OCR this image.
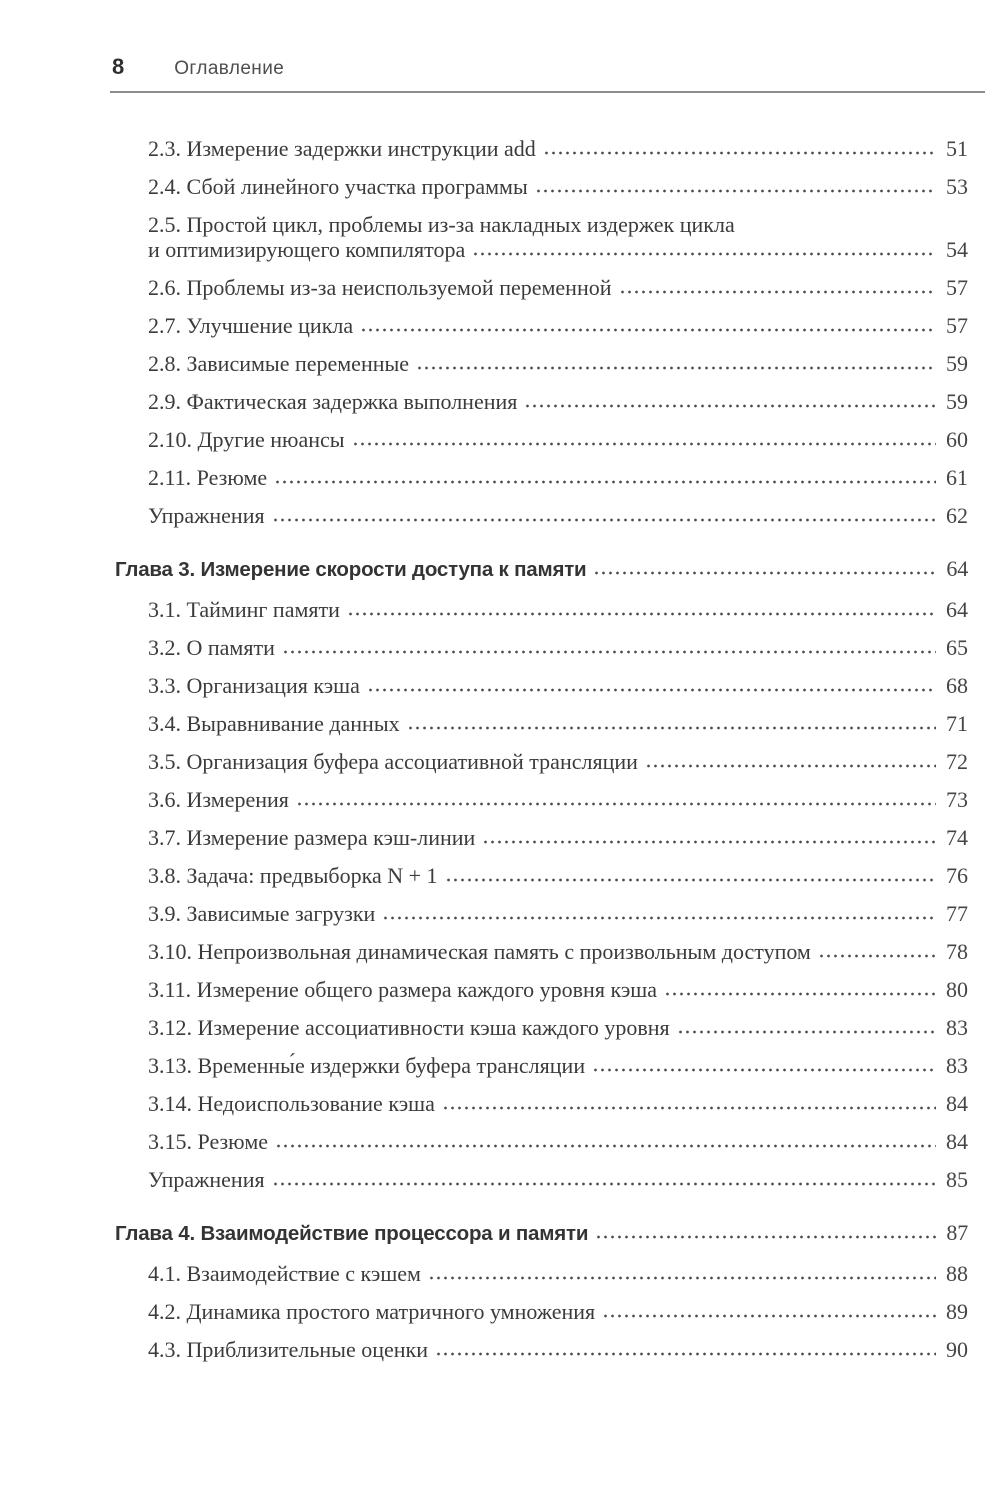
8	Оглавление
2.3. Измерение задержки инструкции add	51
2.4. Сбой линейного участка программы	53
2.5. Простой цикл, проблемы из-за накладных издержек цикла
и оптимизирующего компилятора	54
2.6. Проблемы из-за неиспользуемой переменной	57
2.7. Улучшение цикла	57
2.8. Зависимые переменные	59
2.9. Фактическая задержка выполнения	59
2.10. Другие нюансы	60
2.11. Резюме	61
Упражнения	62
Глава 3. Измерение скорости доступа к памяти	64
3.1. Тайминг памяти	64
3.2. О памяти	65
3.3. Организация кэша	68
3.4. Выравнивание данных	71
3.5. Организация буфера ассоциативной трансляции	72
3.6. Измерения	73
3.7. Измерение размера кэш-линии	74
3.8. Задача: предвыборка N + 1	76
3.9. Зависимые загрузки	77
3.10. Непроизвольная динамическая память с произвольным доступом	78
3.11. Измерение общего размера каждого уровня кэша	80
3.12. Измерение ассоциативности кэша каждого уровня	83
3.13. Временны́е издержки буфера трансляции	83
3.14. Недоиспользование кэша	84
3.15. Резюме	84
Упражнения	85
Глава 4. Взаимодействие процессора и памяти	87
4.1. Взаимодействие с кэшем	88
4.2. Динамика простого матричного умножения	89
4.3. Приблизительные оценки	90
